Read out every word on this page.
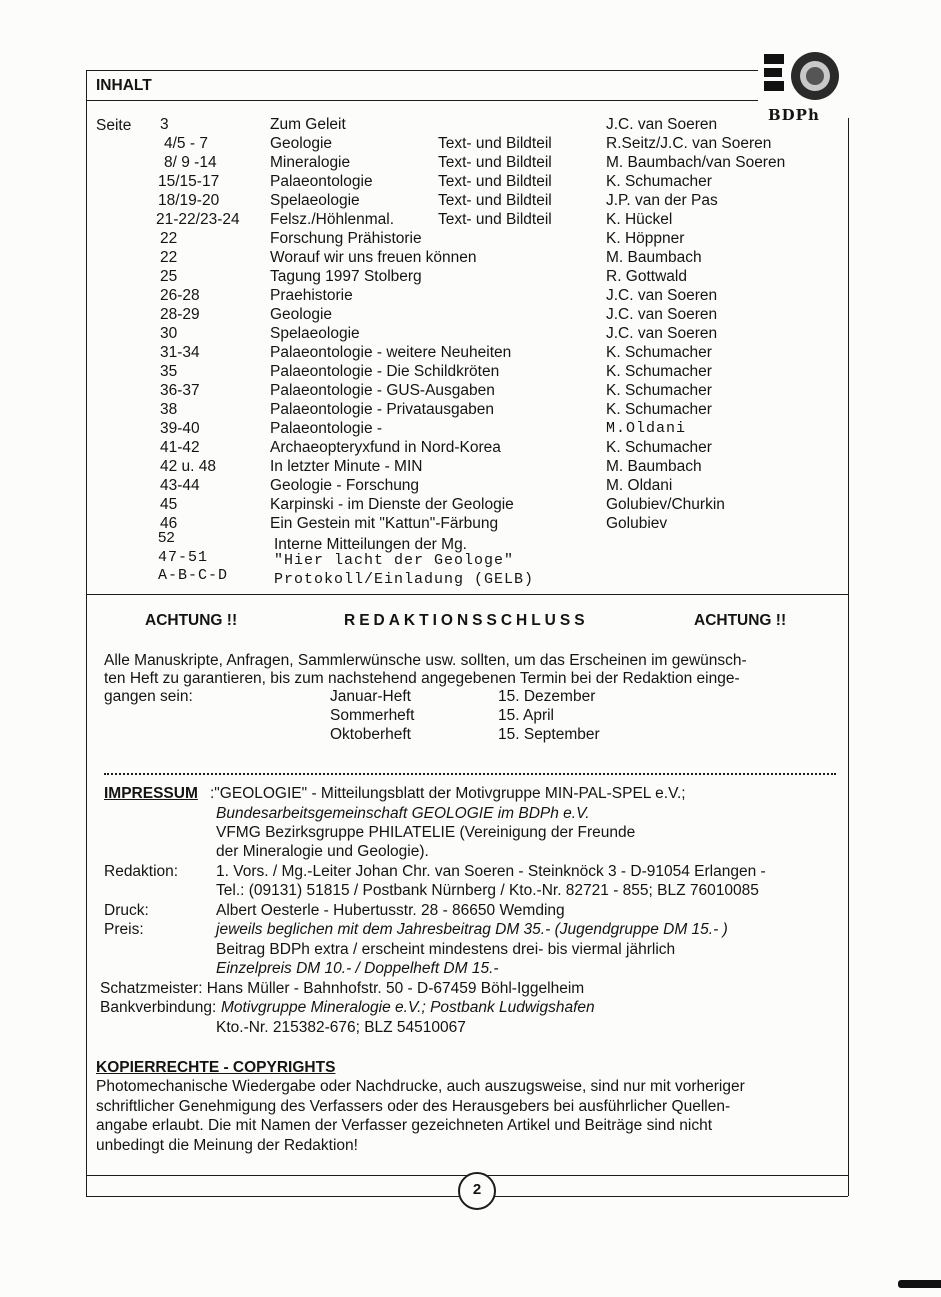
INHALT
BDPh
Seite 3	Zum Geleit	J.C. van Soeren
4/5 - 7	Geologie	Text- und Bildteil	R.Seitz/J.C. van Soeren
8/ 9 -14	Mineralogie	Text- und Bildteil	M. Baumbach/van Soeren
15/15-17	Palaeontologie	Text- und Bildteil	K. Schumacher
18/19-20	Spelaeologie	Text- und Bildteil	J.P. van der Pas
21-22/23-24 Felsz./Höhlenmal.	Text- und Bildteil	K. Hückel
22	Forschung Prähistorie	K. Höppner
22	Worauf wir uns freuen können	M. Baumbach
25	Tagung 1997 Stolberg	R. Gottwald
26-28	Praehistorie	J.C. van Soeren
28-29	Geologie	J.C. van Soeren
30	Spelaeologie	J.C. van Soeren
31-34	Palaeontologie - weitere Neuheiten	K. Schumacher
35	Palaeontologie - Die Schildkröten	K. Schumacher
36-37	Palaeontologie - GUS-Ausgaben	K. Schumacher
38	Palaeontologie - Privatausgaben	K. Schumacher
39-40	Palaeontologie -	M.Oldani
41-42	Archaeopteryxfund in Nord-Korea	K. Schumacher
42 u. 48	In letzter Minute - MIN	M. Baumbach
43-44	Geologie - Forschung	M. Oldani
45	Karpinski - im Dienste der Geologie	Golubiev/Churkin
46	Ein Gestein mit "Kattun"-Färbung	Golubiev
52	Interne Mitteilungen der Mg.
47-51	"Hier lacht der Geologe"
A-B-C-D	Protokoll/Einladung (GELB)
ACHTUNG !!	REDAKTIONSSCHLUSS	ACHTUNG !!
Alle Manuskripte, Anfragen, Sammlerwünsche usw. sollten, um das Erscheinen im gewünsch-
ten Heft zu garantieren, bis zum nachstehend angegebenen Termin bei der Redaktion einge-
gangen sein:	Januar-Heft	15. Dezember
Sommerheft	15. April
Oktoberheft	15. September
IMPRESSUM :"GEOLOGIE" - Mitteilungsblatt der Motivgruppe MIN-PAL-SPEL e.V.;
Bundesarbeitsgemeinschaft GEOLOGIE im BDPh e.V.
VFMG Bezirksgruppe PHILATELIE (Vereinigung der Freunde
der Mineralogie und Geologie).
Redaktion: 1. Vors. / Mg.-Leiter Johan Chr. van Soeren - Steinknöck 3 - D-91054 Erlangen -
Tel.: (09131) 51815 / Postbank Nürnberg / Kto.-Nr. 82721 - 855; BLZ 76010085
Druck:	Albert Oesterle - Hubertusstr. 28 - 86650 Wemding
Preis:	jeweils beglichen mit dem Jahresbeitrag DM 35.- (Jugendgruppe DM 15.- )
Beitrag BDPh extra / erscheint mindestens drei- bis viermal jährlich
Einzelpreis DM 10.- / Doppelheft DM 15.-
Schatzmeister: Hans Müller - Bahnhofstr. 50 - D-67459 Böhl-Iggelheim
Bankverbindung: Motivgruppe Mineralogie e.V.; Postbank Ludwigshafen
Kto.-Nr. 215382-676; BLZ 54510067
KOPIERRECHTE - COPYRIGHTS
Photomechanische Wiedergabe oder Nachdrucke, auch auszugsweise, sind nur mit vorheriger
schriftlicher Genehmigung des Verfassers oder des Herausgebers bei ausführlicher Quellen-
angabe erlaubt. Die mit Namen der Verfasser gezeichneten Artikel und Beiträge sind nicht
unbedingt die Meinung der Redaktion!
2
